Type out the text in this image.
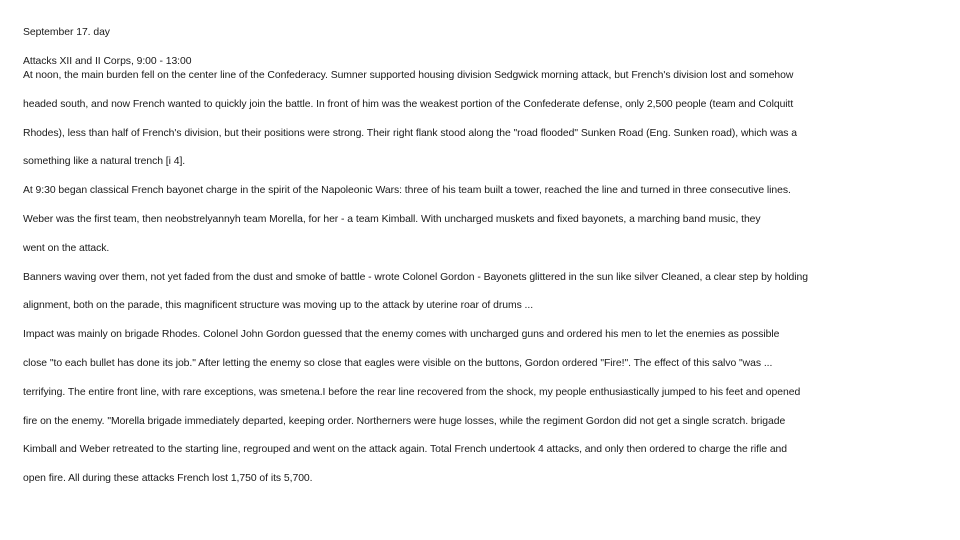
September 17. day
Attacks XII and II Corps, 9:00 - 13:00
At noon, the main burden fell on the center line of the Confederacy. Sumner supported housing division Sedgwick morning attack, but French's division lost and somehow
headed south, and now French wanted to quickly join the battle. In front of him was the weakest portion of the Confederate defense, only 2,500 people (team and Colquitt
Rhodes), less than half of French's division, but their positions were strong. Their right flank stood along the "road flooded" Sunken Road (Eng. Sunken road), which was a
something like a natural trench [i 4].
At 9:30 began classical French bayonet charge in the spirit of the Napoleonic Wars: three of his team built a tower, reached the line and turned in three consecutive lines.
Weber was the first team, then neobstrelyannyh team Morella, for her - a team Kimball. With uncharged muskets and fixed bayonets, a marching band music, they
went on the attack.
Banners waving over them, not yet faded from the dust and smoke of battle - wrote Colonel Gordon - Bayonets glittered in the sun like silver Cleaned, a clear step by holding
alignment, both on the parade, this magnificent structure was moving up to the attack by uterine roar of drums ...
Impact was mainly on brigade Rhodes. Colonel John Gordon guessed that the enemy comes with uncharged guns and ordered his men to let the enemies as possible
close "to each bullet has done its job." After letting the enemy so close that eagles were visible on the buttons, Gordon ordered "Fire!". The effect of this salvo "was ...
terrifying. The entire front line, with rare exceptions, was smetena.I before the rear line recovered from the shock, my people enthusiastically jumped to his feet and opened
fire on the enemy. "Morella brigade immediately departed, keeping order. Northerners were huge losses, while the regiment Gordon did not get a single scratch. brigade
Kimball and Weber retreated to the starting line, regrouped and went on the attack again. Total French undertook 4 attacks, and only then ordered to charge the rifle and
open fire. All during these attacks French lost 1,750 of its 5,700.
